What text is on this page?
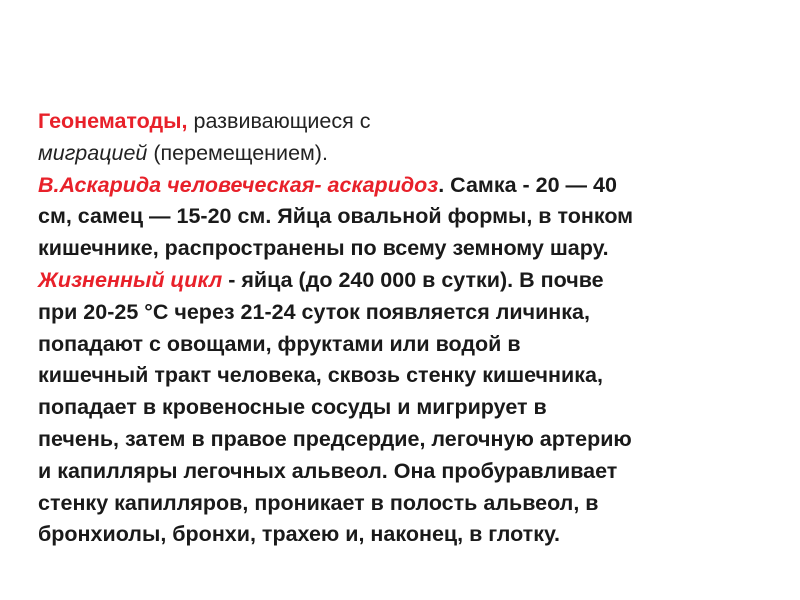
Геонематоды, развивающиеся с
миграцией (перемещением).
В.Аскарида человеческая- аскаридоз. Самка - 20 — 40
см, самец — 15-20 см. Яйца овальной формы, в тонком
кишечнике, распространены по всему земному шару.
Жизненный цикл - яйца (до 240 000 в сутки). В почве
при 20-25 °С через 21-24 суток появляется личинка,
попадают с овощами, фруктами или водой в
кишечный тракт человека, сквозь стенку кишечника,
попадает в кровеносные сосуды и мигрирует в
печень, затем в правое предсердие, легочную артерию
и капилляры легочных альвеол. Она пробуравливает
стенку капилляров, проникает в полость альвеол, в
бронхиолы, бронхи, трахею и, наконец, в глотку.
